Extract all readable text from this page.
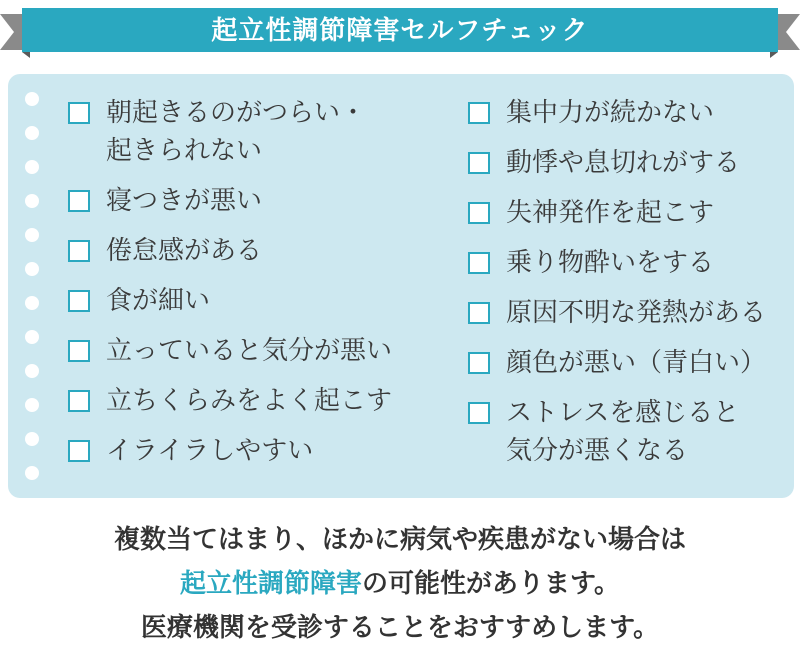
起立性調節障害セルフチェック
朝起きるのがつらい・
起きられない
寝つきが悪い
倦怠感がある
食が細い
立っていると気分が悪い
立ちくらみをよく起こす
イライラしやすい
集中力が続かない
動悸や息切れがする
失神発作を起こす
乗り物酔いをする
原因不明な発熱がある
顔色が悪い（青白い）
ストレスを感じると
気分が悪くなる
複数当てはまり、ほかに病気や疾患がない場合は
起立性調節障害の可能性があります。
医療機関を受診することをおすすめします。
